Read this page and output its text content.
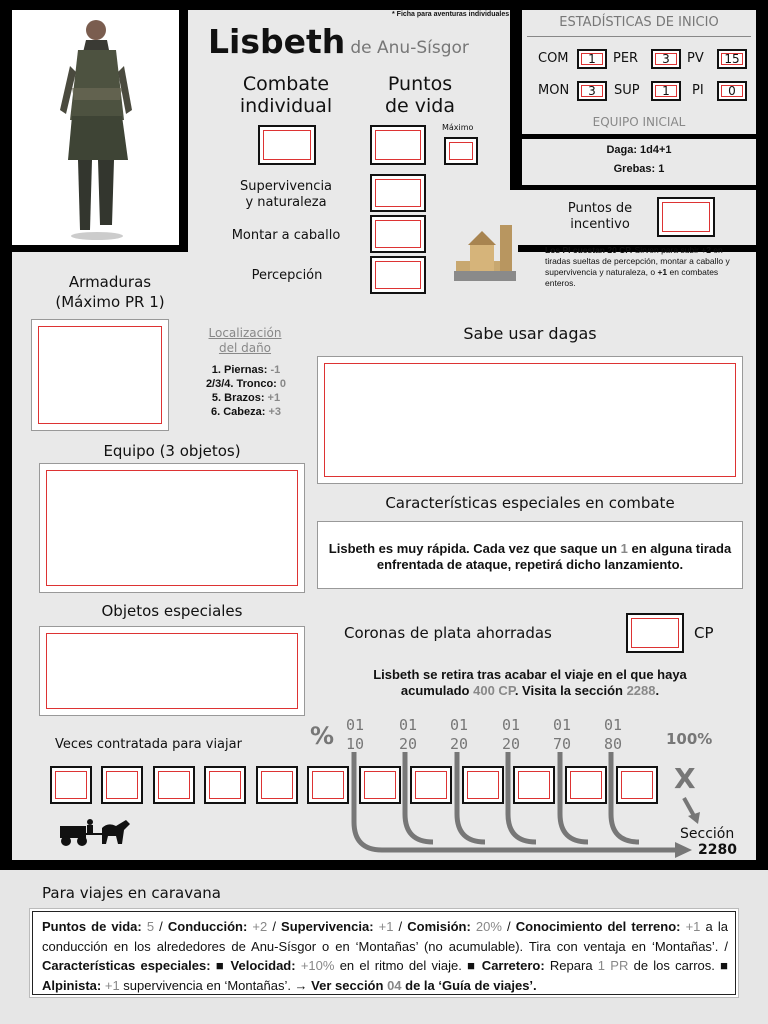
* Ficha para aventuras individuales
Lisbeth de Anu-Sísgor
Combate
individual
Puntos
de vida
Máximo
Supervivencia
y naturaleza
Montar a caballo
Percepción
ESTADÍSTICAS DE INICIO
COM	1	PER	3	PV	15
MON	3	SUP	1	PI	0
EQUIPO INICIAL
Daga: 1d4+1
Grebas: 1
Puntos de
incentivo
Los PI cuestan 20 CP. Sirven para subir +2 en tiradas sueltas de percepción, montar a caballo y supervivencia y naturaleza, o +1 en combates enteros.
Armaduras
(Máximo PR 1)
Localización
del daño
1. Piernas: -1
2/3/4. Tronco: 0
5. Brazos: +1
6. Cabeza: +3
Sabe usar dagas
Equipo (3 objetos)
Características especiales en combate
Lisbeth es muy rápida. Cada vez que saque un 1 en alguna tirada enfrentada de ataque, repetirá dicho lanzamiento.
Objetos especiales
Coronas de plata ahorradas	CP
Lisbeth se retira tras acabar el viaje en el que haya acumulado 400 CP. Visita la sección 2288.
Veces contratada para viajar	% 01
10
01
20
01
20
01
20
01
70
01
80	100%
X
Sección
2280
Para viajes en caravana
Puntos de vida: 5 / Conducción: +2 / Supervivencia: +1 / Comisión: 20% / Conocimiento del terreno: +1 a la conducción en los alrededores de Anu-Sísgor o en ‘Montañas’ (no acumulable). Tira con ventaja en ‘Montañas’. / Características especiales: ■ Velocidad: +10% en el ritmo del viaje. ■ Carretero: Repara 1 PR de los carros. ■ Alpinista: +1 supervivencia en ‘Montañas’. → Ver sección 04 de la ‘Guía de viajes’.
